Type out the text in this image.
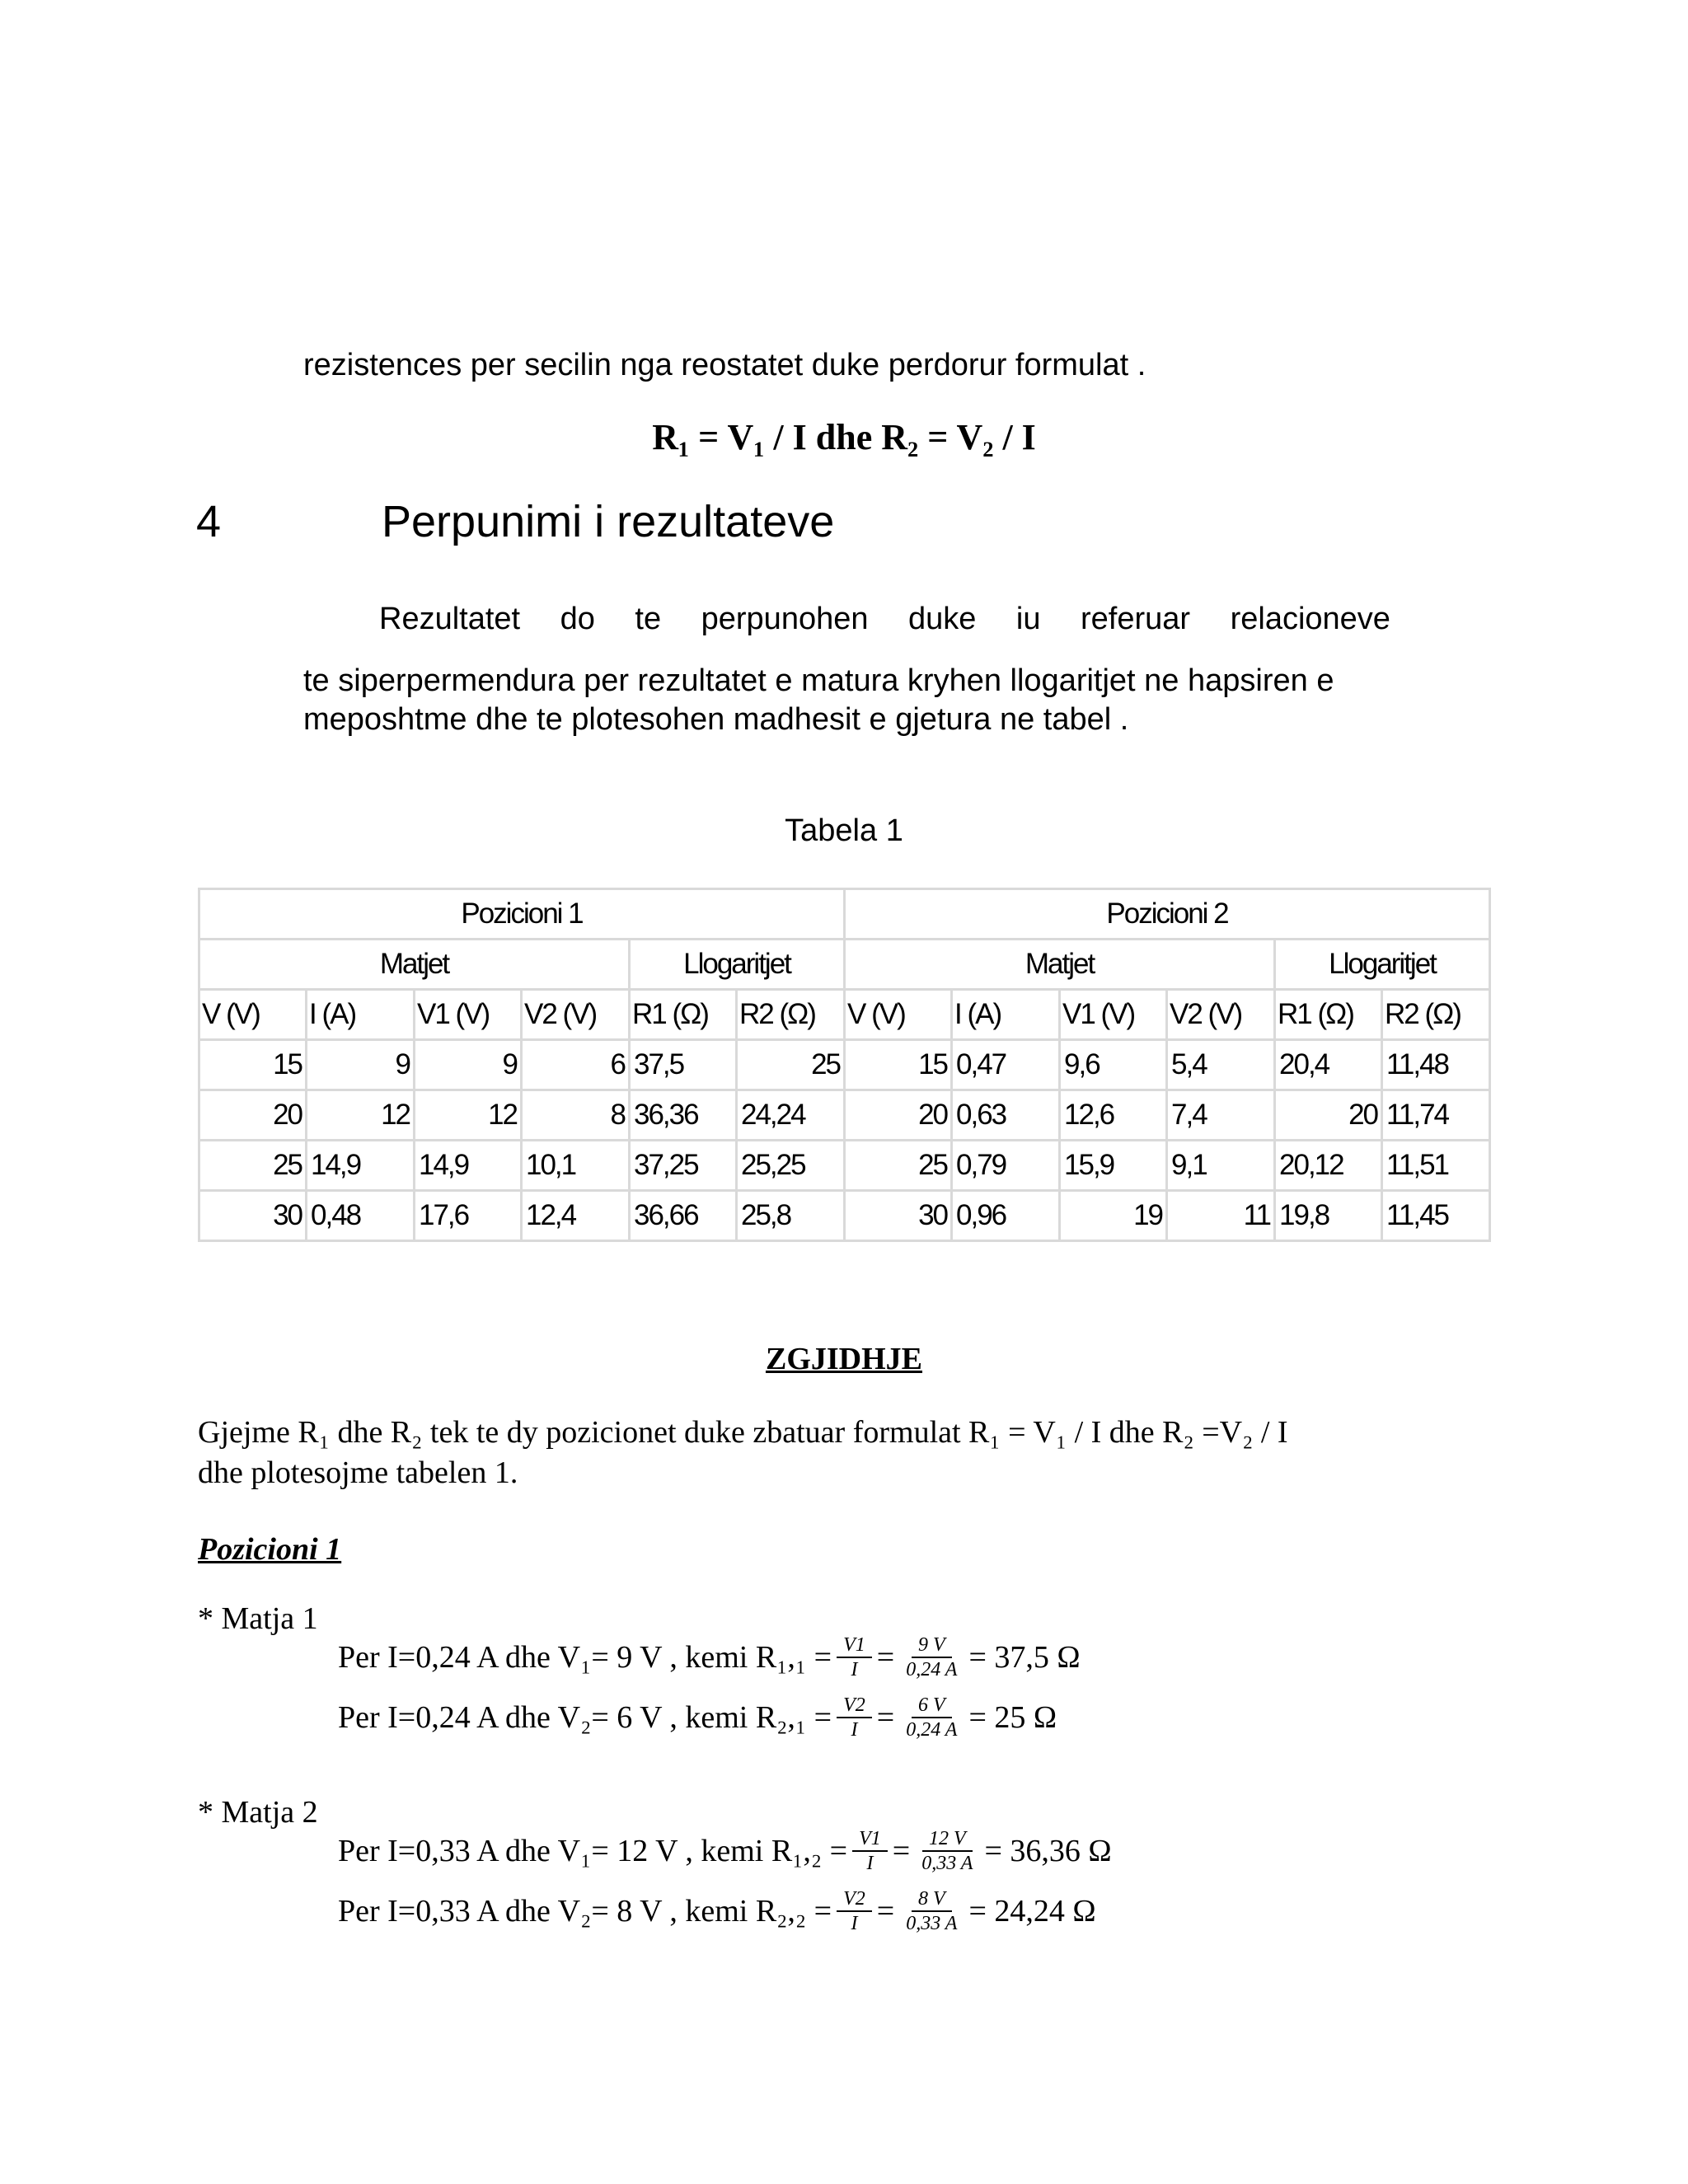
rezistences per secilin nga reostatet duke perdorur formulat .
R₁ = V₁ / I dhe R₂ = V₂ / I
4	Perpunimi i rezultateve
Rezultatet do te perpunohen duke iu referuar relacioneve
te siperpermendura per rezultatet e matura kryhen llogaritjet ne hapsiren e
meposhtme dhe te plotesohen madhesit e gjetura ne tabel .
Tabela 1
Pozicioni 1						Pozicioni 2					
Matjet				Llogaritjet		Matjet				Llogaritjet	
V (V)	I (A)	V1 (V)	V2 (V)	R1 (Ω)	R2 (Ω)	V (V)	I (A)	V1 (V)	V2 (V)	R1 (Ω)	R2 (Ω)
15	9	9	6	37,5	25	15	0,47	9,6	5,4	20,4	11,48
20	12	12	8	36,36	24,24	20	0,63	12,6	7,4	20	11,74
25	14,9	14,9	10,1	37,25	25,25	25	0,79	15,9	9,1	20,12	11,51
30	0,48	17,6	12,4	36,66	25,8	30	0,96	19	11	19,8	11,45
ZGJIDHJE
Gjejme R₁ dhe R₂ tek te dy pozicionet duke zbatuar formulat R₁ = V₁ / I dhe R₂ =V₂ / I
dhe plotesojme tabelen 1.
Pozicioni 1
* Matja 1
Per I=0,24 A dhe V₁= 9 V , kemi $R_1,_1 = \frac{V1}{I} = \frac{9 V}{0,24 A} = 37,5$ Ω
Per I=0,24 A dhe V₂= 6 V , kemi $R_2,_1 = \frac{V2}{I} = \frac{6 V}{0,24 A} = 25$ Ω
* Matja 2
Per I=0,33 A dhe V₁= 12 V , kemi $R_1,_2 = \frac{V1}{I} = \frac{12 V}{0,33 A} = 36,36$ Ω
Per I=0,33 A dhe V₂= 8 V , kemi $R_2,_2 = \frac{V2}{I} = \frac{8 V}{0,33 A} = 24,24$ Ω
